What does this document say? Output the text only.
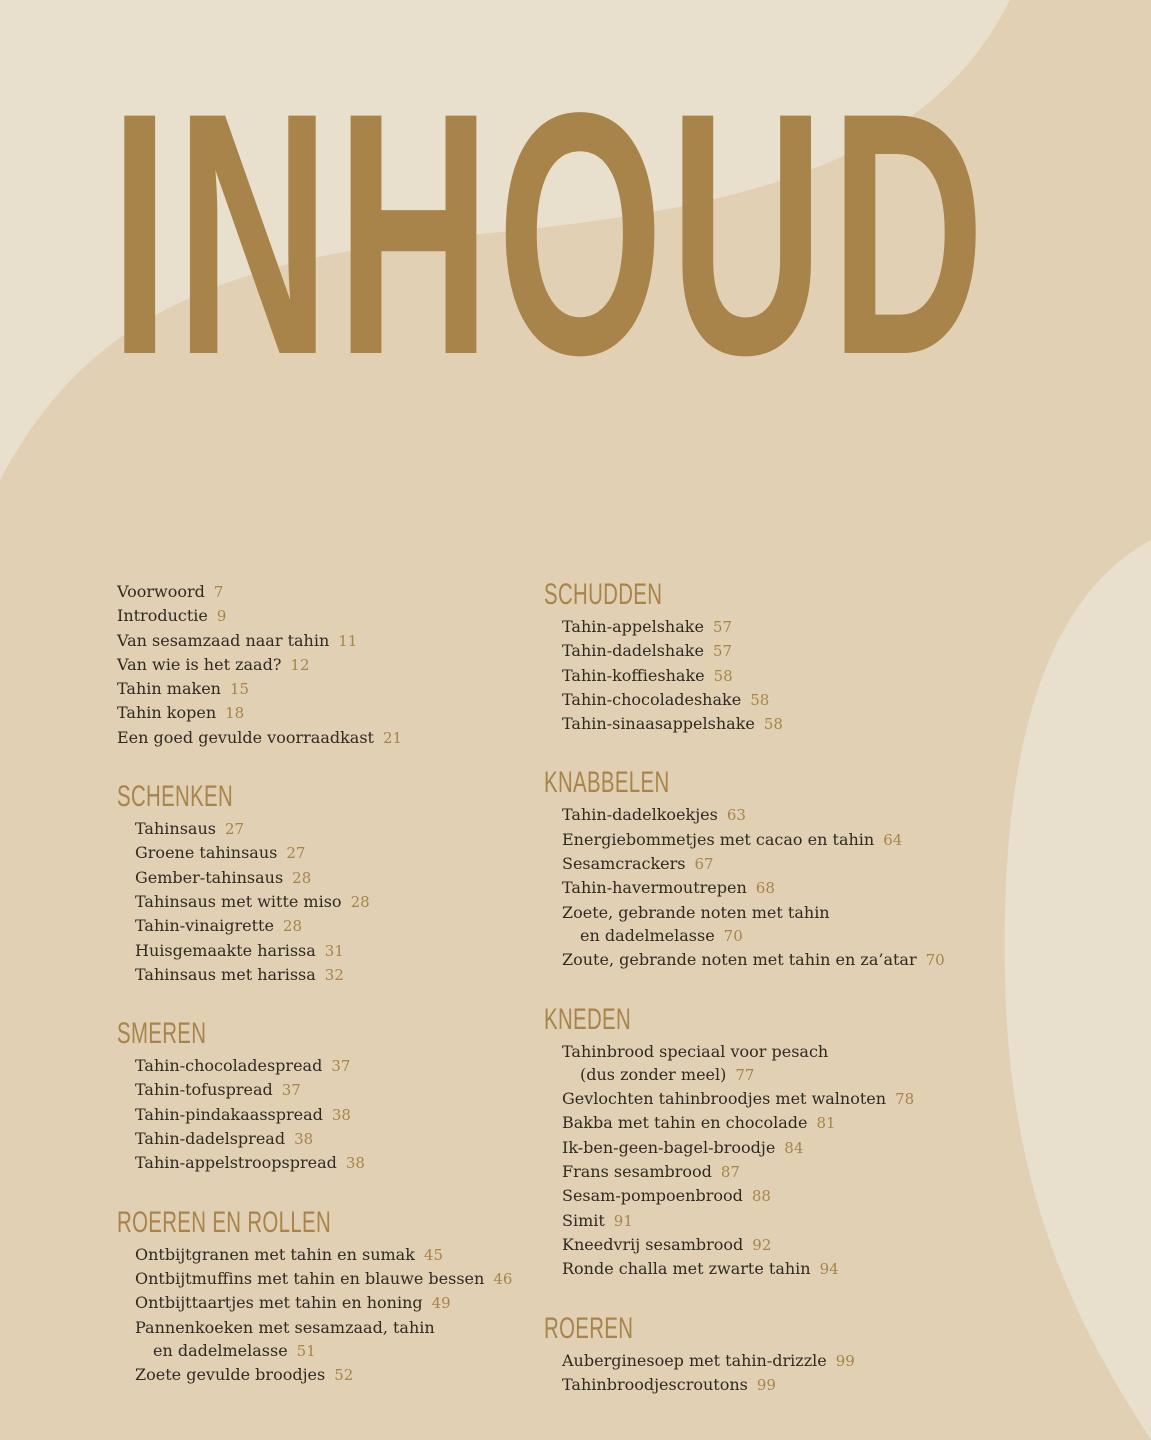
INHOUD
Voorwoord 7
Introductie 9
Van sesamzaad naar tahin 11
Van wie is het zaad? 12
Tahin maken 15
Tahin kopen 18
Een goed gevulde voorraadkast 21
SCHENKEN
Tahinsaus 27
Groene tahinsaus 27
Gember-tahinsaus 28
Tahinsaus met witte miso 28
Tahin-vinaigrette 28
Huisgemaakte harissa 31
Tahinsaus met harissa 32
SMEREN
Tahin-chocoladespread 37
Tahin-tofuspread 37
Tahin-pindakaasspread 38
Tahin-dadelspread 38
Tahin-appelstroopspread 38
ROEREN EN ROLLEN
Ontbijtgranen met tahin en sumak 45
Ontbijtmuffins met tahin en blauwe bessen 46
Ontbijttaartjes met tahin en honing 49
Pannenkoeken met sesamzaad, tahin
en dadelmelasse 51
Zoete gevulde broodjes 52
SCHUDDEN
Tahin-appelshake 57
Tahin-dadelshake 57
Tahin-koffieshake 58
Tahin-chocoladeshake 58
Tahin-sinaasappelshake 58
KNABBELEN
Tahin-dadelkoekjes 63
Energiebommetjes met cacao en tahin 64
Sesamcrackers 67
Tahin-havermoutrepen 68
Zoete, gebrande noten met tahin
en dadelmelasse 70
Zoute, gebrande noten met tahin en za’atar 70
KNEDEN
Tahinbrood speciaal voor pesach
(dus zonder meel) 77
Gevlochten tahinbroodjes met walnoten 78
Bakba met tahin en chocolade 81
Ik-ben-geen-bagel-broodje 84
Frans sesambrood 87
Sesam-pompoenbrood 88
Simit 91
Kneedvrij sesambrood 92
Ronde challa met zwarte tahin 94
ROEREN
Auberginesoep met tahin-drizzle 99
Tahinbroodjescroutons 99
